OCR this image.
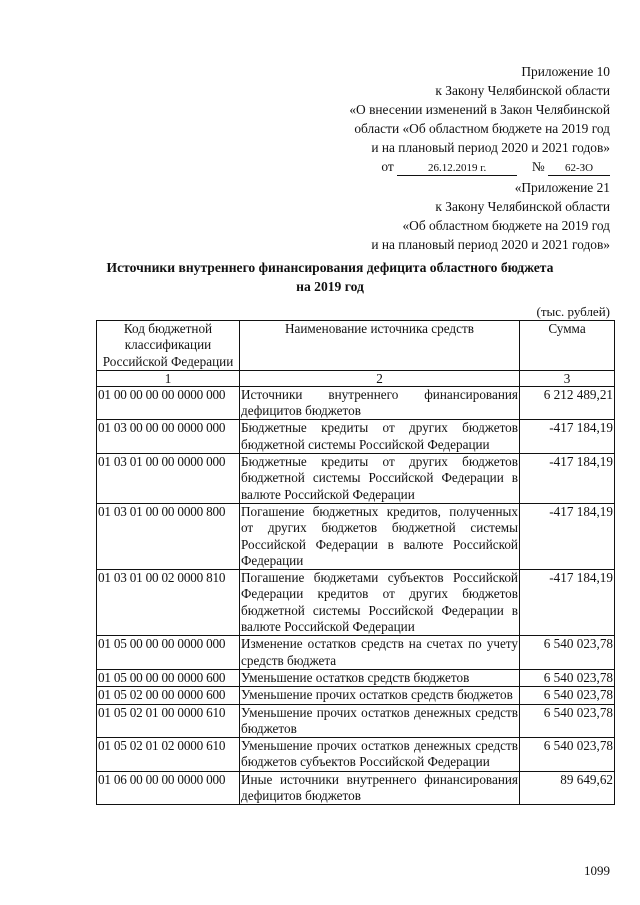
Приложение 10
к Закону Челябинской области
«О внесении изменений в Закон Челябинской
области «Об областном бюджете на 2019 год
и на плановый период 2020 и 2021 годов»
от	26.12.2019 г.	№ 62-ЗО
«Приложение 21
к Закону Челябинской области
«Об областном бюджете на 2019 год
и на плановый период 2020 и 2021 годов»
Источники внутреннего финансирования дефицита областного бюджета
на 2019 год
(тыс. рублей)
Код бюджетной классификации Российской Федерации	Наименование источника средств	Сумма
1	2	3
01 00 00 00 00 0000 000	Источники внутреннего финансирования дефицитов бюджетов	6 212 489,21
01 03 00 00 00 0000 000	Бюджетные кредиты от других бюджетов бюджетной системы Российской Федерации	-417 184,19
01 03 01 00 00 0000 000	Бюджетные кредиты от других бюджетов бюджетной системы Российской Федерации в валюте Российской Федерации	-417 184,19
01 03 01 00 00 0000 800	Погашение бюджетных кредитов, полученных от других бюджетов бюджетной системы Российской Федерации в валюте Российской Федерации	-417 184,19
01 03 01 00 02 0000 810	Погашение бюджетами субъектов Российской Федерации кредитов от других бюджетов бюджетной системы Российской Федерации в валюте Российской Федерации	-417 184,19
01 05 00 00 00 0000 000	Изменение остатков средств на счетах по учету средств бюджета	6 540 023,78
01 05 00 00 00 0000 600	Уменьшение остатков средств бюджетов	6 540 023,78
01 05 02 00 00 0000 600	Уменьшение прочих остатков средств бюджетов	6 540 023,78
01 05 02 01 00 0000 610	Уменьшение прочих остатков денежных средств бюджетов	6 540 023,78
01 05 02 01 02 0000 610	Уменьшение прочих остатков денежных средств бюджетов субъектов Российской Федерации	6 540 023,78
01 06 00 00 00 0000 000	Иные источники внутреннего финансирования дефицитов бюджетов	89 649,62
1099
